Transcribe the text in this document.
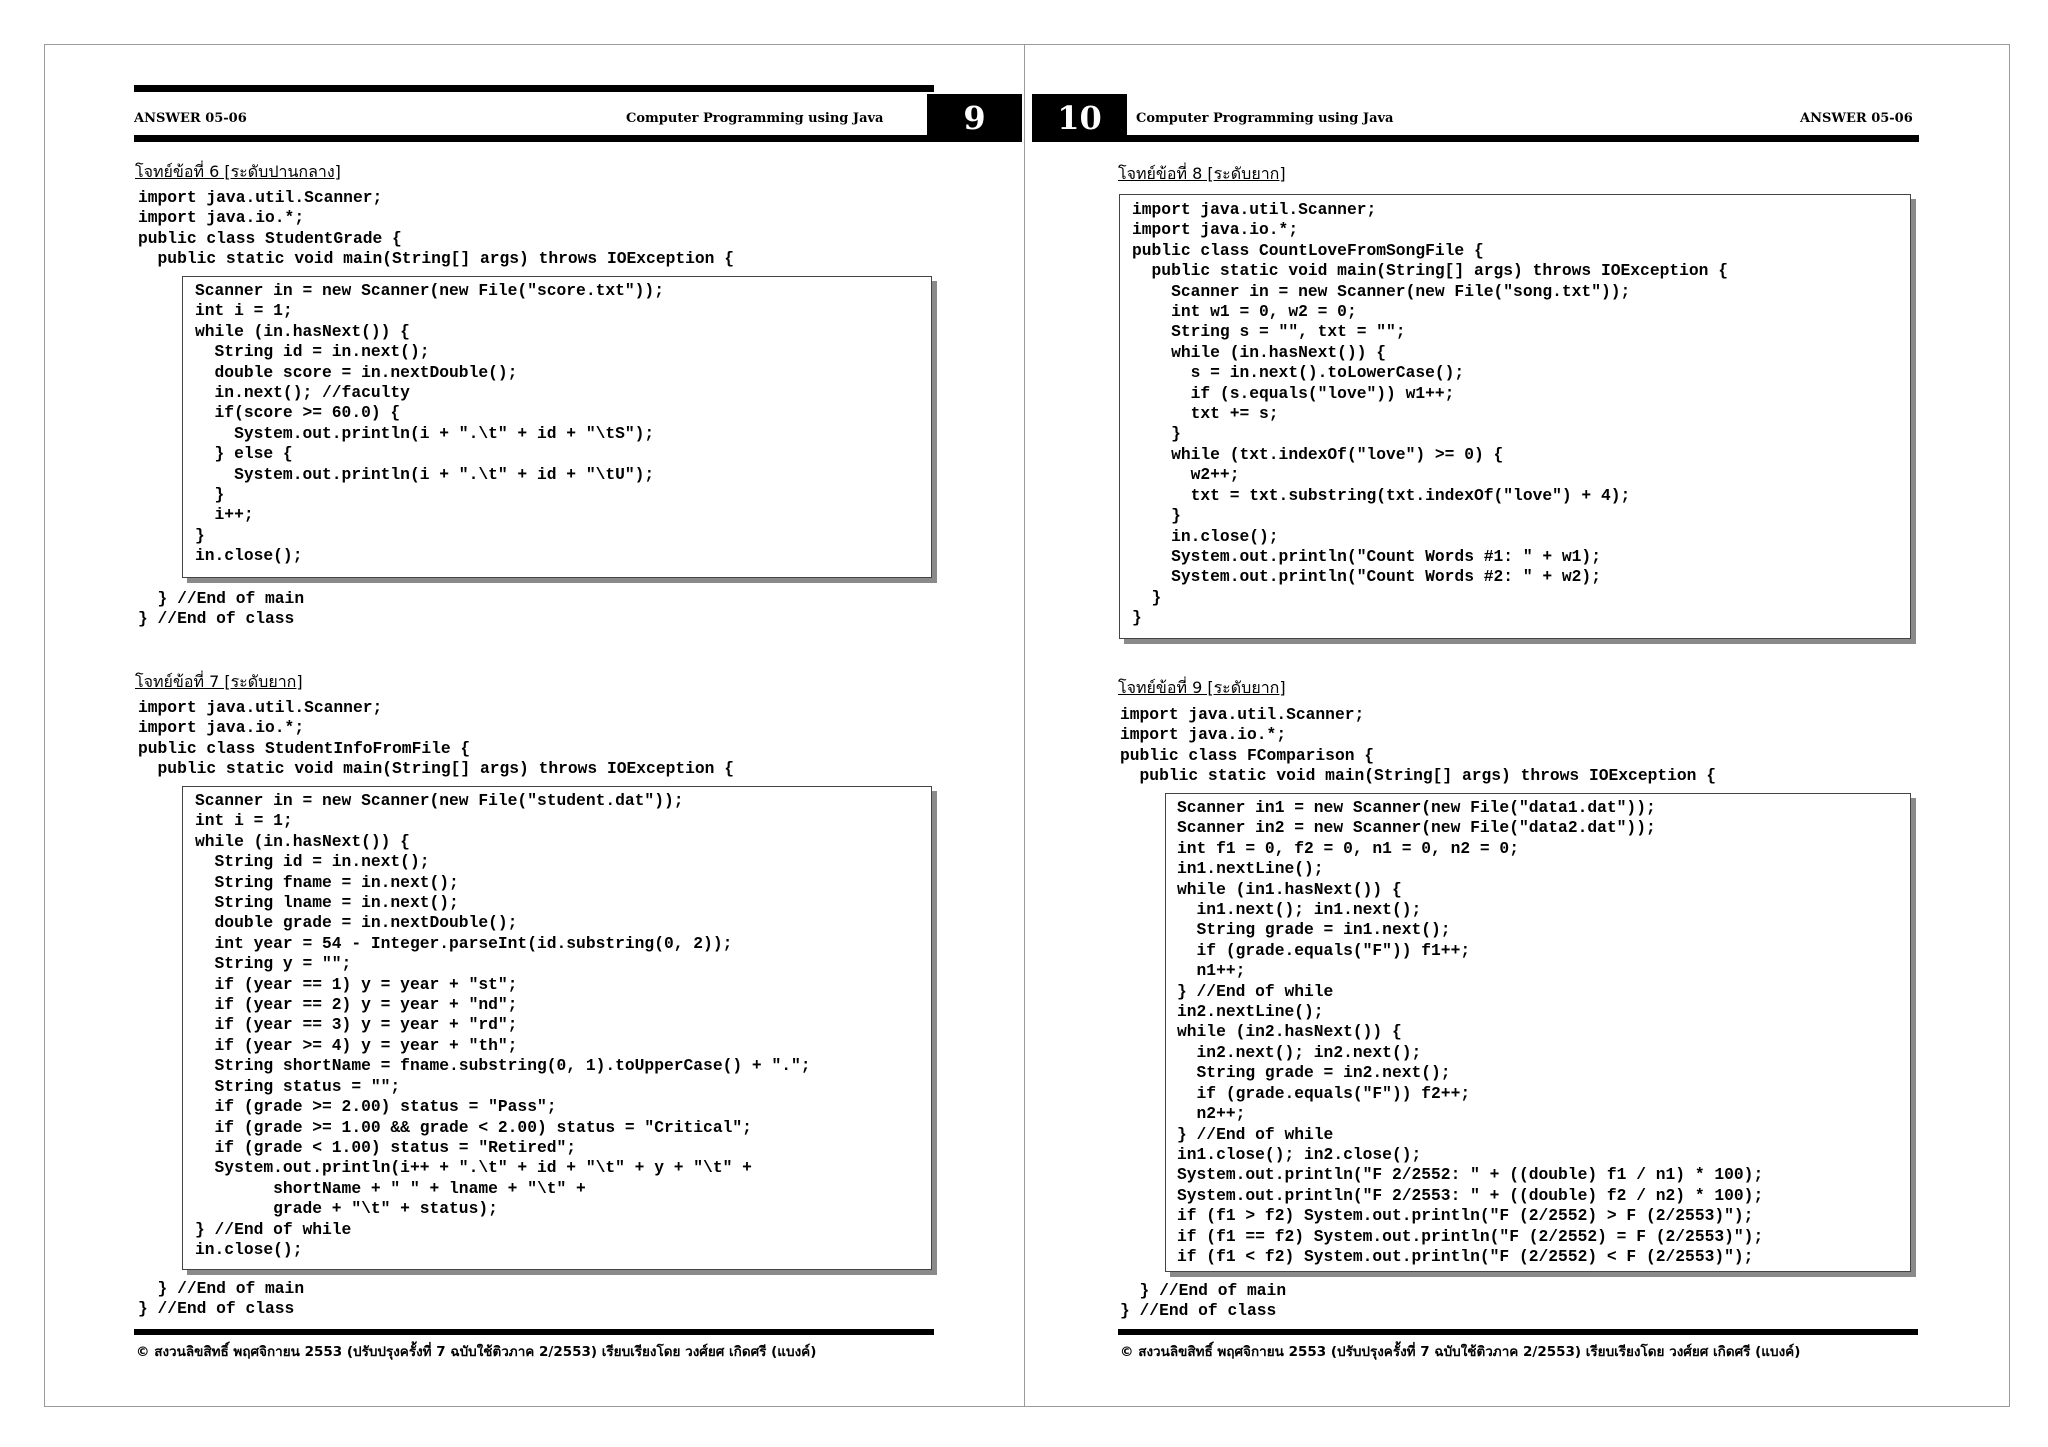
ANSWER 05-06	Computer Programming using Java	9
โจทย์ข้อที่ 6 [ระดับปานกลาง]
import java.util.Scanner;
import java.io.*;
public class StudentGrade {
public static void main(String[] args) throws IOException {
Scanner in = new Scanner(new File("score.txt"));
int i = 1;
while (in.hasNext()) {
String id = in.next();
double score = in.nextDouble();
in.next(); //faculty
if(score >= 60.0) {
System.out.println(i + ".\t" + id + "\tS");
} else {
System.out.println(i + ".\t" + id + "\tU");
}
i++;
}
in.close();
} //End of main
} //End of class
โจทย์ข้อที่ 7 [ระดับยาก]
import java.util.Scanner;
import java.io.*;
public class StudentInfoFromFile {
public static void main(String[] args) throws IOException {
Scanner in = new Scanner(new File("student.dat"));
int i = 1;
while (in.hasNext()) {
String id = in.next();
String fname = in.next();
String lname = in.next();
double grade = in.nextDouble();
int year = 54 - Integer.parseInt(id.substring(0, 2));
String y = "";
if (year == 1) y = year + "st";
if (year == 2) y = year + "nd";
if (year == 3) y = year + "rd";
if (year >= 4) y = year + "th";
String shortName = fname.substring(0, 1).toUpperCase() + ".";
String status = "";
if (grade >= 2.00) status = "Pass";
if (grade >= 1.00 && grade < 2.00) status = "Critical";
if (grade < 1.00) status = "Retired";
System.out.println(i++ + ".\t" + id + "\t" + y + "\t" +
shortName + " " + lname + "\t" +
grade + "\t" + status);
} //End of while
in.close();
} //End of main
} //End of class
© สงวนลิขสิทธิ์ พฤศจิกายน 2553 (ปรับปรุงครั้งที่ 7 ฉบับใช้ติวภาค 2/2553) เรียบเรียงโดย วงศ์ยศ เกิดศรี (แบงค์)
10	Computer Programming using Java	ANSWER 05-06
โจทย์ข้อที่ 8 [ระดับยาก]
import java.util.Scanner;
import java.io.*;
public class CountLoveFromSongFile {
public static void main(String[] args) throws IOException {
Scanner in = new Scanner(new File("song.txt"));
int w1 = 0, w2 = 0;
String s = "", txt = "";
while (in.hasNext()) {
s = in.next().toLowerCase();
if (s.equals("love")) w1++;
txt += s;
}
while (txt.indexOf("love") >= 0) {
w2++;
txt = txt.substring(txt.indexOf("love") + 4);
}
in.close();
System.out.println("Count Words #1: " + w1);
System.out.println("Count Words #2: " + w2);
}
}
โจทย์ข้อที่ 9 [ระดับยาก]
import java.util.Scanner;
import java.io.*;
public class FComparison {
public static void main(String[] args) throws IOException {
Scanner in1 = new Scanner(new File("data1.dat"));
Scanner in2 = new Scanner(new File("data2.dat"));
int f1 = 0, f2 = 0, n1 = 0, n2 = 0;
in1.nextLine();
while (in1.hasNext()) {
in1.next(); in1.next();
String grade = in1.next();
if (grade.equals("F")) f1++;
n1++;
} //End of while
in2.nextLine();
while (in2.hasNext()) {
in2.next(); in2.next();
String grade = in2.next();
if (grade.equals("F")) f2++;
n2++;
} //End of while
in1.close(); in2.close();
System.out.println("F 2/2552: " + ((double) f1 / n1) * 100);
System.out.println("F 2/2553: " + ((double) f2 / n2) * 100);
if (f1 > f2) System.out.println("F (2/2552) > F (2/2553)");
if (f1 == f2) System.out.println("F (2/2552) = F (2/2553)");
if (f1 < f2) System.out.println("F (2/2552) < F (2/2553)");
} //End of main
} //End of class
© สงวนลิขสิทธิ์ พฤศจิกายน 2553 (ปรับปรุงครั้งที่ 7 ฉบับใช้ติวภาค 2/2553) เรียบเรียงโดย วงศ์ยศ เกิดศรี (แบงค์)
